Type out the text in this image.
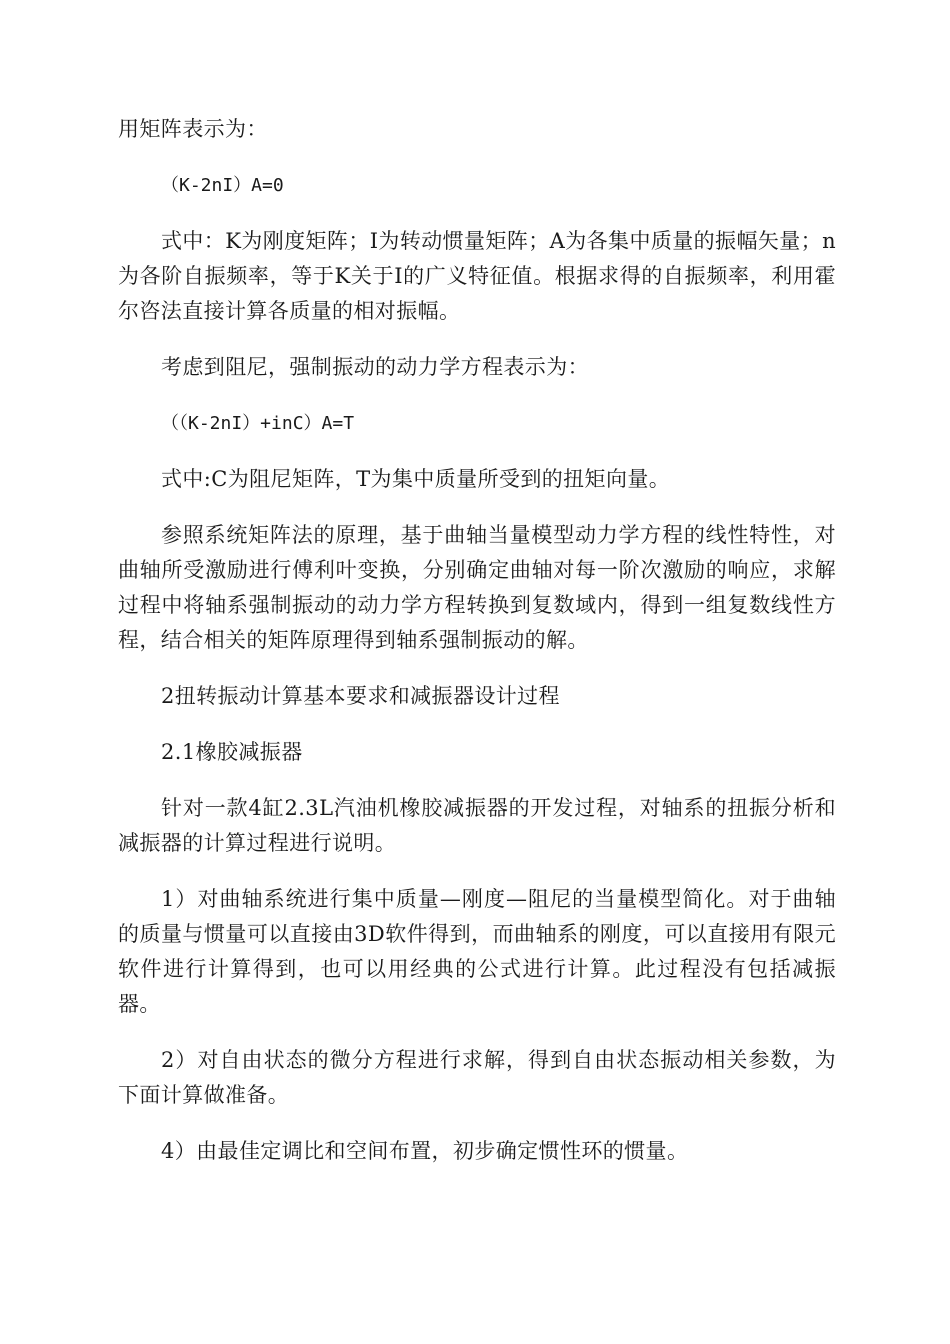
用矩阵表示为：

（K-2nI）A=0

式中：K为刚度矩阵；I为转动惯量矩阵；A为各集中质量的振幅矢量；n为各阶自振频率，等于K关于I的广义特征值。根据求得的自振频率，利用霍尔咨法直接计算各质量的相对振幅。

考虑到阻尼，强制振动的动力学方程表示为：

（（K-2nI）+inC）A=T

式中:C为阻尼矩阵，T为集中质量所受到的扭矩向量。

参照系统矩阵法的原理，基于曲轴当量模型动力学方程的线性特性，对曲轴所受激励进行傅利叶变换，分别确定曲轴对每一阶次激励的响应，求解过程中将轴系强制振动的动力学方程转换到复数域内，得到一组复数线性方程，结合相关的矩阵原理得到轴系强制振动的解。

2扭转振动计算基本要求和减振器设计过程

2.1橡胶减振器

针对一款4缸2.3L汽油机橡胶减振器的开发过程，对轴系的扭振分析和减振器的计算过程进行说明。

1）对曲轴系统进行集中质量—刚度—阻尼的当量模型简化。对于曲轴的质量与惯量可以直接由3D软件得到，而曲轴系的刚度，可以直接用有限元软件进行计算得到，也可以用经典的公式进行计算。此过程没有包括减振器。

2）对自由状态的微分方程进行求解，得到自由状态振动相关参数，为下面计算做准备。

4）由最佳定调比和空间布置，初步确定惯性环的惯量。
